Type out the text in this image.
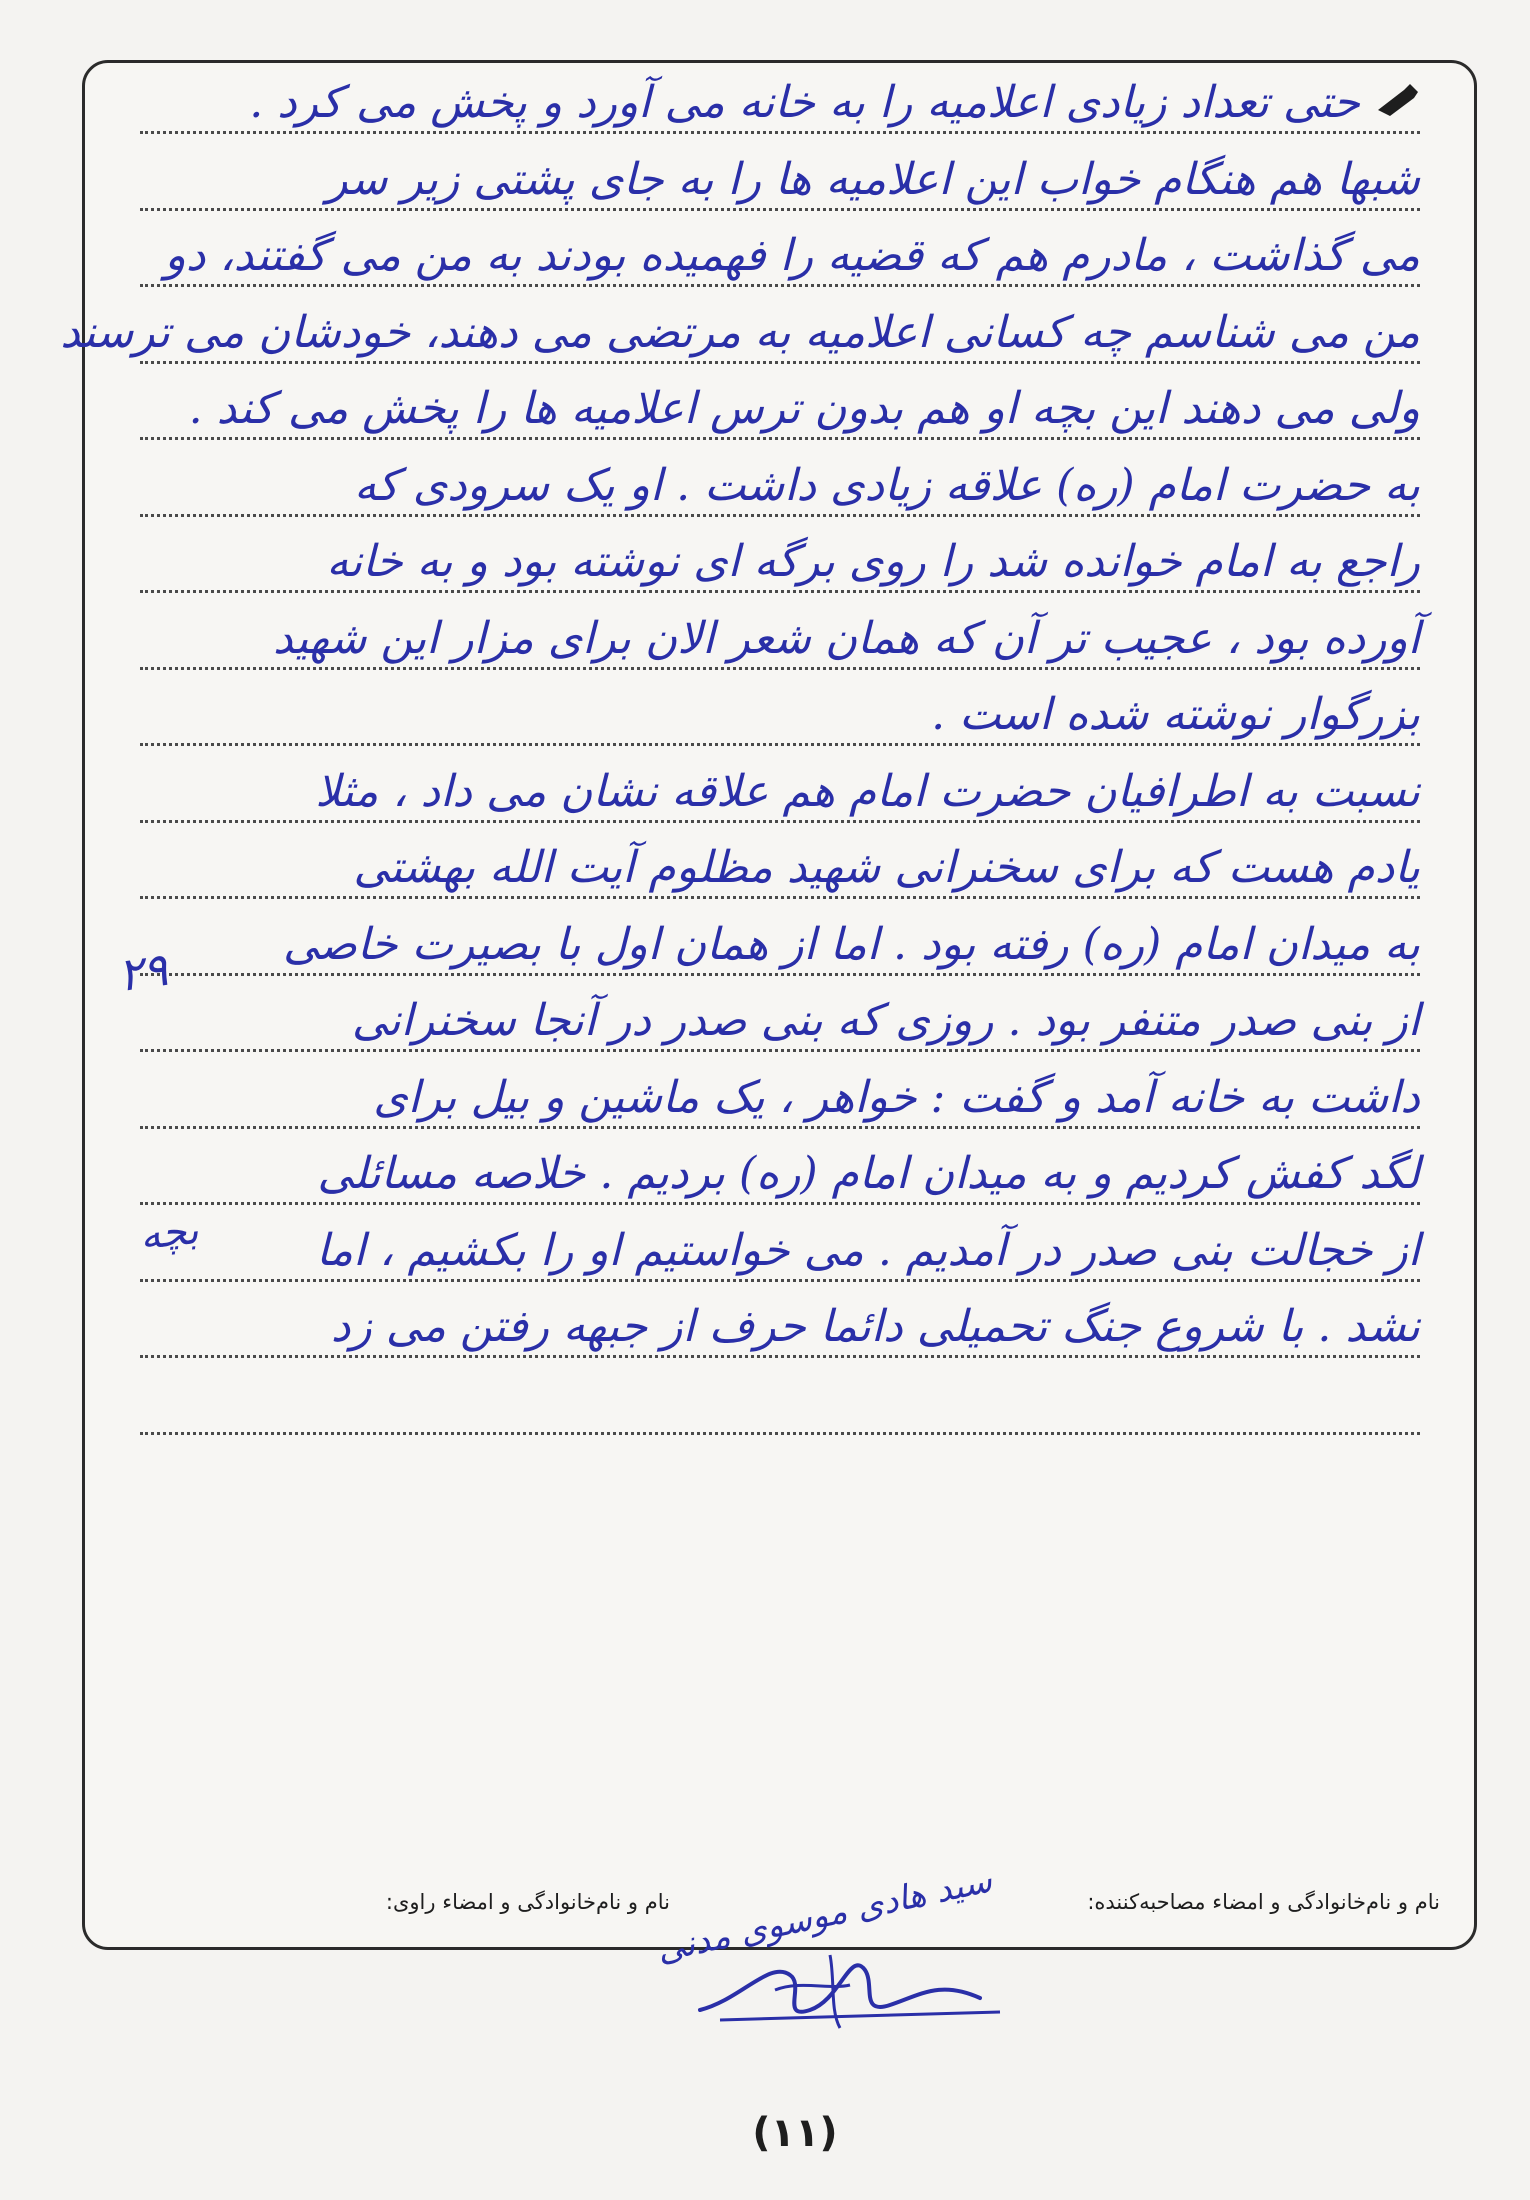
حتی تعداد زیادی اعلامیه را به خانه می آورد و پخش می کرد .
شبها هم هنگام خواب این اعلامیه ها را به جای پشتی زیر سر
می گذاشت ، مادرم هم که قضیه را فهمیده بودند به من می گفتند، دو
من می شناسم چه کسانی اعلامیه به مرتضی می دهند، خودشان می ترسند
ولی می دهند این بچه او هم بدون ترس اعلامیه ها را پخش می کند .
به حضرت امام (ره) علاقه زیادی داشت . او یک سرودی که
راجع به امام خوانده شد را روی برگه ای نوشته بود و به خانه
آورده بود ، عجیب تر آن که همان شعر الان برای مزار این شهید
بزرگوار نوشته شده است .
نسبت به اطرافیان حضرت امام هم علاقه نشان می داد ، مثلا
یادم هست که برای سخنرانی شهید مظلوم آیت الله بهشتی
به میدان امام (ره) رفته بود . اما از همان اول با بصیرت خاصی
از بنی صدر متنفر بود . روزی که بنی صدر در آنجا سخنرانی
داشت به خانه آمد و گفت : خواهر ، یک ماشین و بیل برای
لگد کفش کردیم و به میدان امام (ره) بردیم . خلاصه مسائلی
از خجالت بنی صدر در آمدیم . می خواستیم او را بکشیم ، اما
نشد . با شروع جنگ تحمیلی دائما حرف از جبهه رفتن می زد
۲۹
بچه
سید هادی موسوی مدنی	نام و نام‌خانوادگی و امضاء مصاحبه‌کننده:
نام و نام‌خانوادگی و امضاء راوی:
(۱۱)
